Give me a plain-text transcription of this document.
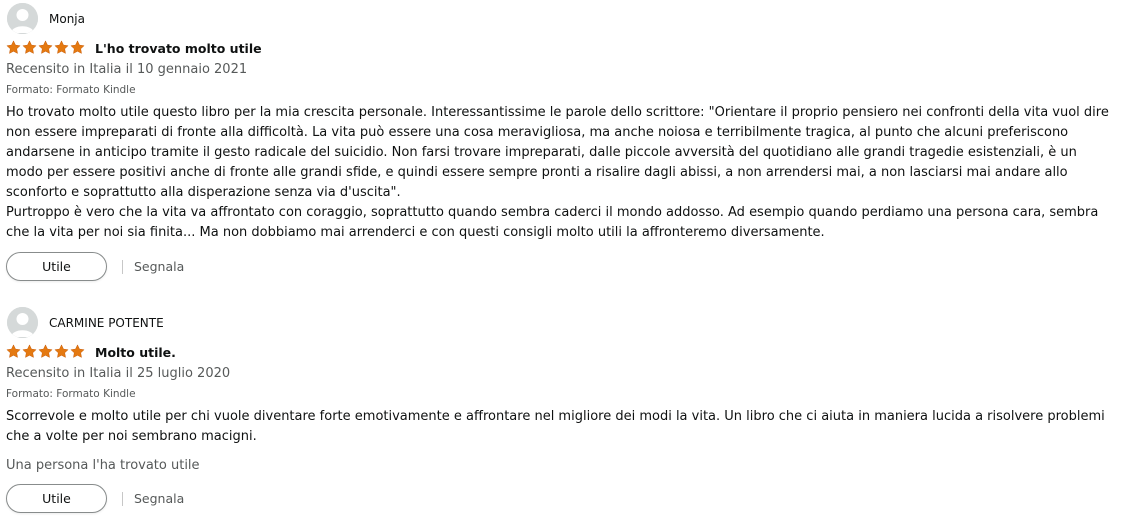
Monja
L'ho trovato molto utile
Recensito in Italia il 10 gennaio 2021
Formato: Formato Kindle

Ho trovato molto utile questo libro per la mia crescita personale. Interessantissime le parole dello scrittore: "Orientare il proprio pensiero nei confronti della vita vuol dire non essere impreparati di fronte alla difficoltà. La vita può essere una cosa meravigliosa, ma anche noiosa e terribilmente tragica, al punto che alcuni preferiscono andarsene in anticipo tramite il gesto radicale del suicidio. Non farsi trovare impreparati, dalle piccole avversità del quotidiano alle grandi tragedie esistenziali, è un modo per essere positivi anche di fronte alle grandi sfide, e quindi essere sempre pronti a risalire dagli abissi, a non arrendersi mai, a non lasciarsi mai andare allo sconforto e soprattutto alla disperazione senza via d'uscita".

Purtroppo è vero che la vita va affrontato con coraggio, soprattutto quando sembra caderci il mondo addosso. Ad esempio quando perdiamo una persona cara, sembra che la vita per noi sia finita... Ma non dobbiamo mai arrenderci e con questi consigli molto utili la affronteremo diversamente.

Utile	Segnala
CARMINE POTENTE
Molto utile.
Recensito in Italia il 25 luglio 2020
Formato: Formato Kindle

Scorrevole e molto utile per chi vuole diventare forte emotivamente e affrontare nel migliore dei modi la vita. Un libro che ci aiuta in maniera lucida a risolvere problemi che a volte per noi sembrano macigni.

Una persona l'ha trovato utile
Utile	Segnala
